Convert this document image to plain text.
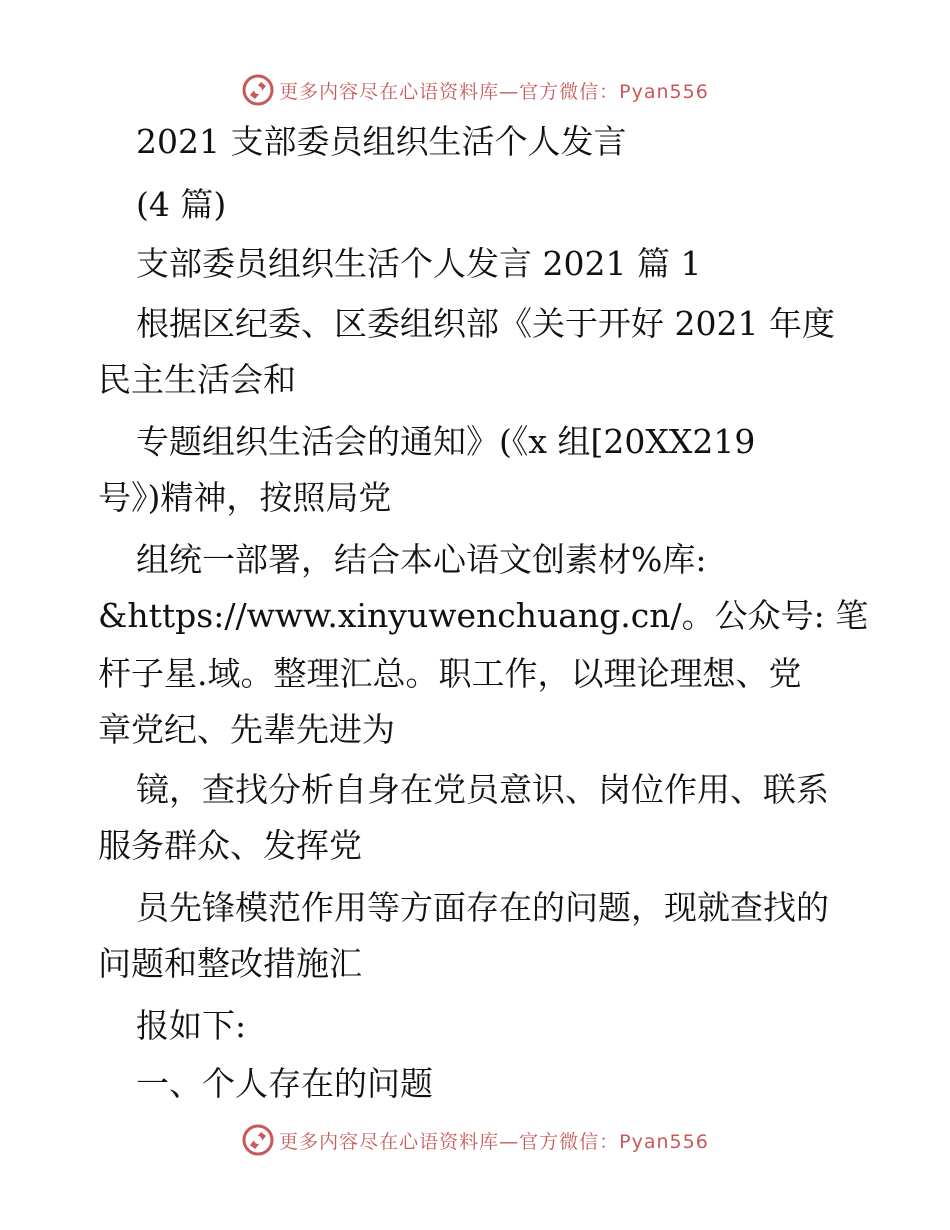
更多内容尽在心语资料库—官方微信：Pyan556
2021 支部委员组织生活个人发言
(4 篇)
支部委员组织生活个人发言 2021 篇 1
根据区纪委、区委组织部《关于开好 2021 年度
民主生活会和
专题组织生活会的通知》(《x 组[20XX219
号》)精神，按照局党
组统一部署，结合本心语文创素材%库:
&https://www.xinyuwenchuang.cn/。公众号: 笔
杆子星.域。整理汇总。职工作，以理论理想、党
章党纪、先辈先进为
镜，查找分析自身在党员意识、岗位作用、联系
服务群众、发挥党
员先锋模范作用等方面存在的问题，现就查找的
问题和整改措施汇
报如下:
一、个人存在的问题
更多内容尽在心语资料库—官方微信：Pyan556
